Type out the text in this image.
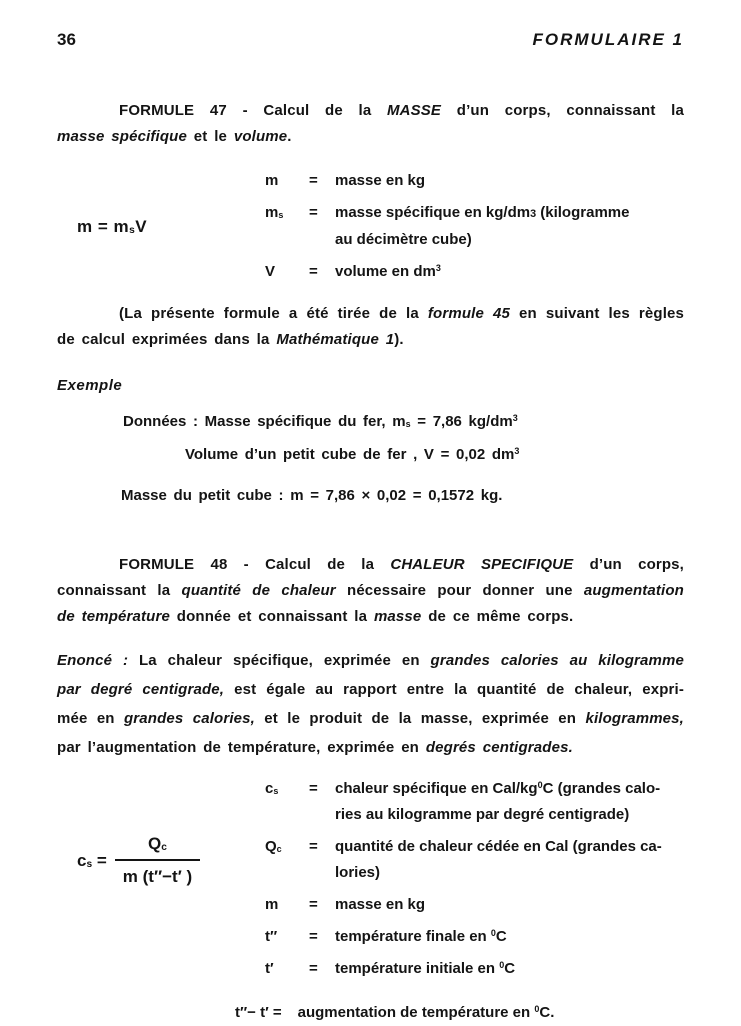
36	FORMULAIRE 1
FORMULE 47 - Calcul de la MASSE d’un corps, connaissant la
masse spécifique et le volume.
$m = m_sV$
m	=	masse en kg
$m_s$	=	masse spécifique en kg/dm3 (kilogramme
au décimètre cube)
V	=	volume en $dm^3$
(La présente formule a été tirée de la formule 45 en suivant les règles
de calcul exprimées dans la Mathématique 1).
Exemple
Données : Masse spécifique du fer, $m_s = 7,86$ $kg/dm^3$
Volume d’un petit cube de fer , V = 0,02 $dm^3$
Masse du petit cube : m = 7,86 × 0,02 = 0,1572 kg.
FORMULE 48 - Calcul de la CHALEUR SPECIFIQUE d’un corps,
connaissant la quantité de chaleur nécessaire pour donner une augmentation
de température donnée et connaissant la masse de ce même corps.
Enoncé : La chaleur spécifique, exprimée en grandes calories au kilogramme
par degré centigrade, est égale au rapport entre la quantité de chaleur, expri-
mée en grandes calories, et le produit de la masse, exprimée en kilogrammes,
par l’augmentation de température, exprimée en degrés centigrades.
$c_s = \frac{Q_c}{m (t''-t' )}$
$c_s$	=	chaleur spécifique en Cal/$kg^0C$ (grandes calo-
ries au kilogramme par degré centigrade)
$Q_c$	=	quantité de chaleur cédée en Cal (grandes ca-
lories)
m	=	masse en kg
t″	=	température finale en $^0$C
t′	=	température initiale en $^0$C
t″− t′ = augmentation de température en $^0$C.
